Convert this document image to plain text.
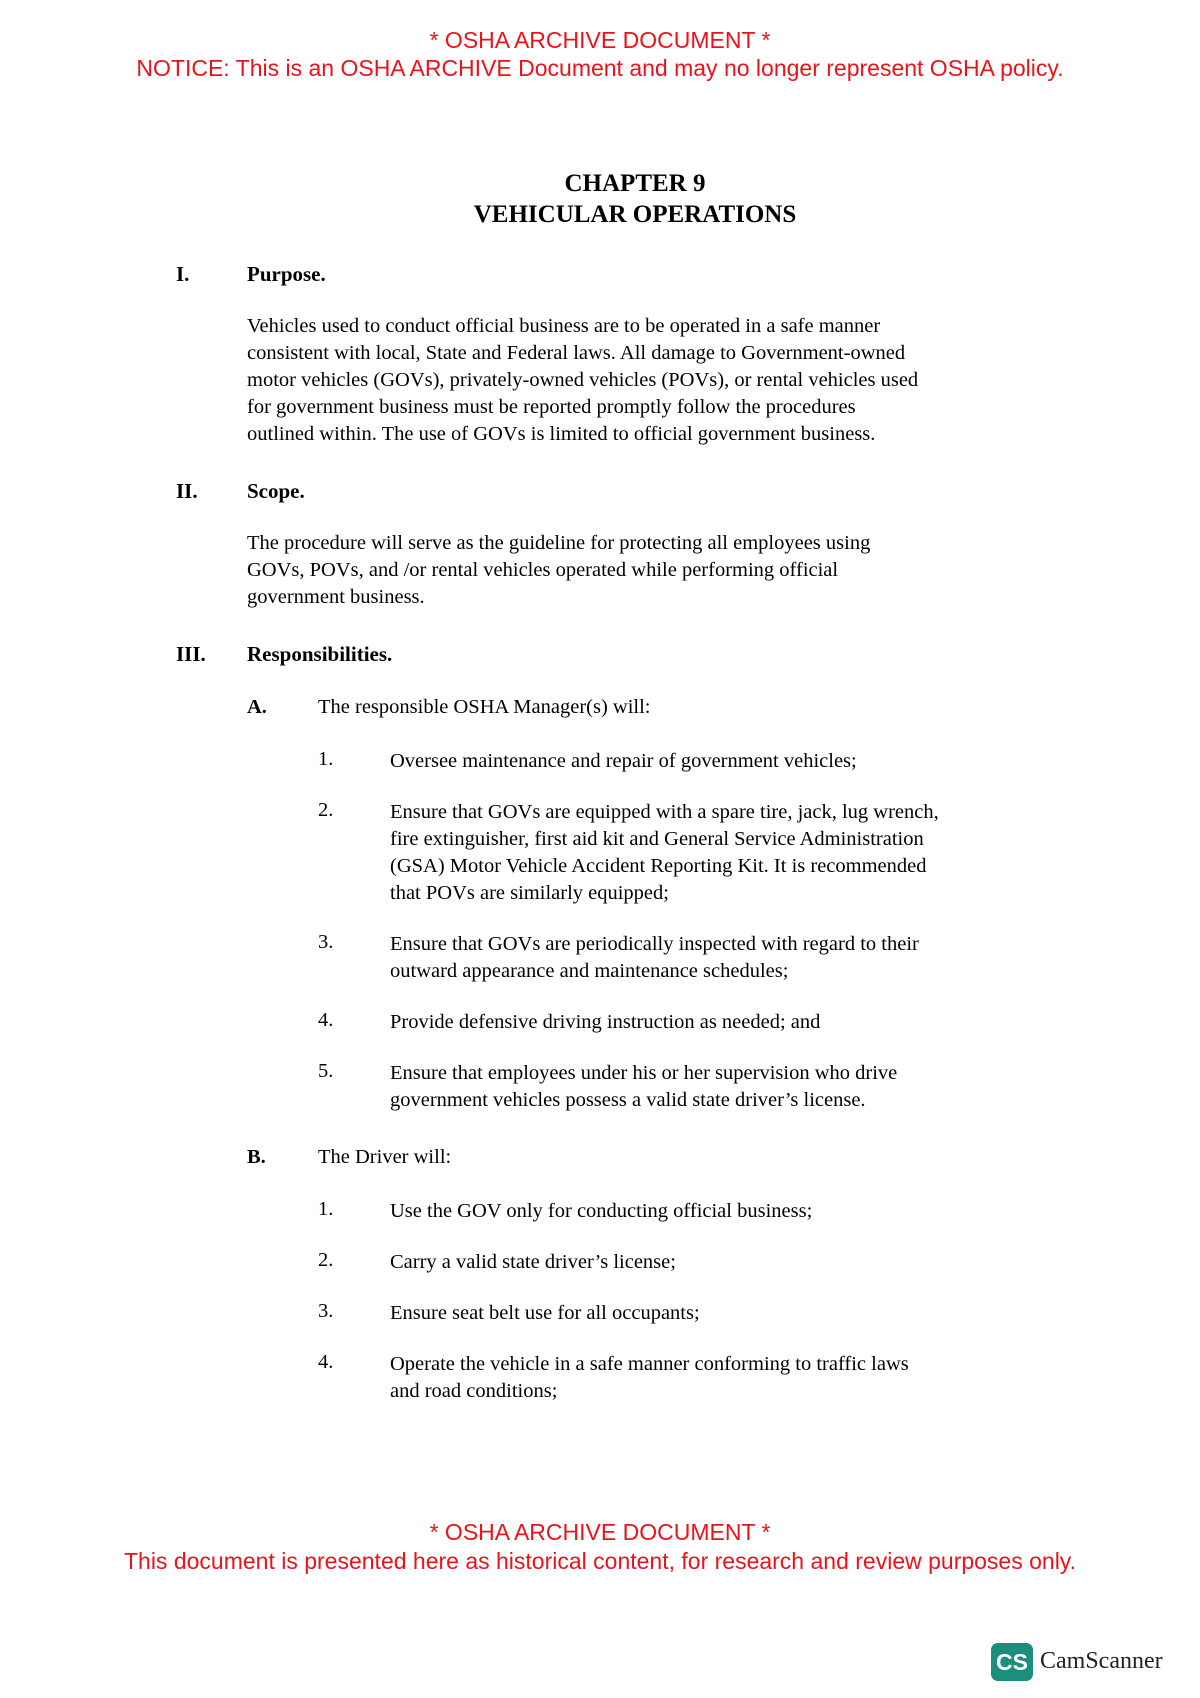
* OSHA ARCHIVE DOCUMENT *
NOTICE: This is an OSHA ARCHIVE Document and may no longer represent OSHA policy.
CHAPTER 9
VEHICULAR OPERATIONS
I.	Purpose.
Vehicles used to conduct official business are to be operated in a safe manner
consistent with local, State and Federal laws. All damage to Government-owned
motor vehicles (GOVs), privately-owned vehicles (POVs), or rental vehicles used
for government business must be reported promptly follow the procedures
outlined within. The use of GOVs is limited to official government business.
II. Scope.
The procedure will serve as the guideline for protecting all employees using
GOVs, POVs, and /or rental vehicles operated while performing official
government business.
III. Responsibilities.
A. The responsible OSHA Manager(s) will:
1.	Oversee maintenance and repair of government vehicles;
2.	Ensure that GOVs are equipped with a spare tire, jack, lug wrench,
fire extinguisher, first aid kit and General Service Administration
(GSA) Motor Vehicle Accident Reporting Kit. It is recommended
that POVs are similarly equipped;
3.	Ensure that GOVs are periodically inspected with regard to their
outward appearance and maintenance schedules;
4.	Provide defensive driving instruction as needed; and
5.	Ensure that employees under his or her supervision who drive
government vehicles possess a valid state driver’s license.
B.	The Driver will:
1.	Use the GOV only for conducting official business;
2.	Carry a valid state driver’s license;
3.	Ensure seat belt use for all occupants;
4.	Operate the vehicle in a safe manner conforming to traffic laws
and road conditions;
* OSHA ARCHIVE DOCUMENT *
This document is presented here as historical content, for research and review purposes only.
CS CamScanner
